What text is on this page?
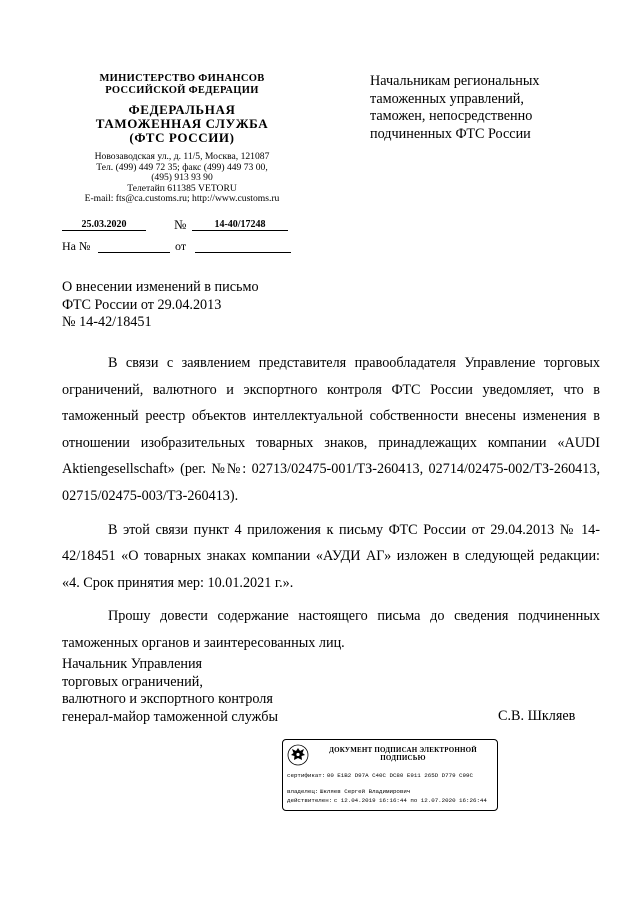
МИНИСТЕРСТВО ФИНАНСОВ
РОССИЙСКОЙ ФЕДЕРАЦИИ
ФЕДЕРАЛЬНАЯ
ТАМОЖЕННАЯ СЛУЖБА
(ФТС РОССИИ)
Новозаводская ул., д. 11/5, Москва, 121087
Тел. (499) 449 72 35; факс (499) 449 73 00,
(495) 913 93 90
Телетайп 611385 VETORU
E-mail: fts@ca.customs.ru; http://www.customs.ru
25.03.2020	№	14-40/17248
На №	от
Начальникам региональных
таможенных управлений,
таможен, непосредственно
подчиненных ФТС России
О внесении изменений в письмо
ФТС России от 29.04.2013
№ 14-42/18451

В связи с заявлением представителя правообладателя Управление торговых ограничений, валютного и экспортного контроля ФТС России уведомляет, что в таможенный реестр объектов интеллектуальной собственности внесены изменения в отношении изобразительных товарных знаков, принадлежащих компании «AUDI Aktiengesellschaft» (рег. №№: 02713/02475-001/ТЗ-260413, 02714/02475-002/ТЗ-260413, 02715/02475-003/ТЗ-260413).

В этой связи пункт 4 приложения к письму ФТС России от 29.04.2013 № 14-42/18451 «О товарных знаках компании «АУДИ АГ» изложен в следующей редакции: «4. Срок принятия мер: 10.01.2021 г.».

Прошу довести содержание настоящего письма до сведения подчиненных таможенных органов и заинтересованных лиц.

Начальник Управления
торговых ограничений,
валютного и экспортного контроля
генерал-майор таможенной службы	С.В. Шкляев
ДОКУМЕНТ ПОДПИСАН ЭЛЕКТРОННОЙ
ПОДПИСЬЮ
сертификат: 00 E1B2 D97A C40C DC80 E911 265D D779 C99C
владелец: Шкляев Сергей Владимирович
действителен: с 12.04.2019 16:16:44 по 12.07.2020 16:26:44
